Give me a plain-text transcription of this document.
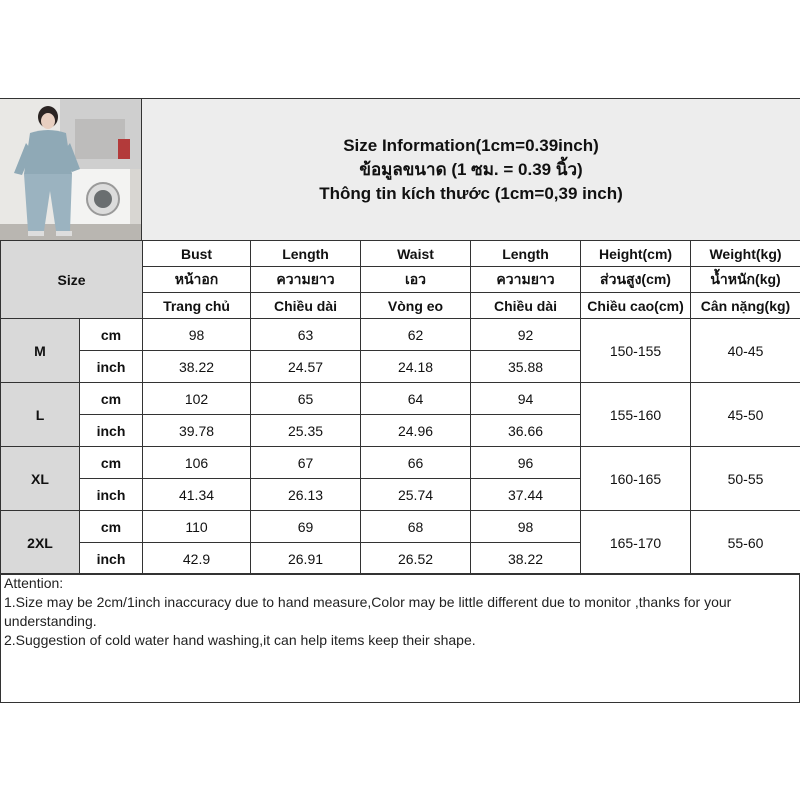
Size Information(1cm=0.39inch)
ข้อมูลขนาด (1 ซม. = 0.39 นิ้ว)
Thông tin kích thước (1cm=0,39 inch)
Size		Bust	Length	Waist	Length	Height(cm)	Weight(kg)
		หน้าอก	ความยาว	เอว	ความยาว	ส่วนสูง(cm)	น้ำหนัก(kg)
		Trang chủ	Chiều dài	Vòng eo	Chiều dài	Chiều cao(cm)	Cân nặng(kg)
M	cm	98	63	62	92	150-155	40-45
	inch	38.22	24.57	24.18	35.88		
L	cm	102	65	64	94	155-160	45-50
	inch	39.78	25.35	24.96	36.66		
XL	cm	106	67	66	96	160-165	50-55
	inch	41.34	26.13	25.74	37.44		
2XL	cm	110	69	68	98	165-170	55-60
	inch	42.9	26.91	26.52	38.22		

Attention:

1.Size may be 2cm/1inch inaccuracy due to hand measure,Color may be little different due to monitor ,thanks for your understanding.

2.Suggestion of cold water hand washing,it can help items keep their shape.
